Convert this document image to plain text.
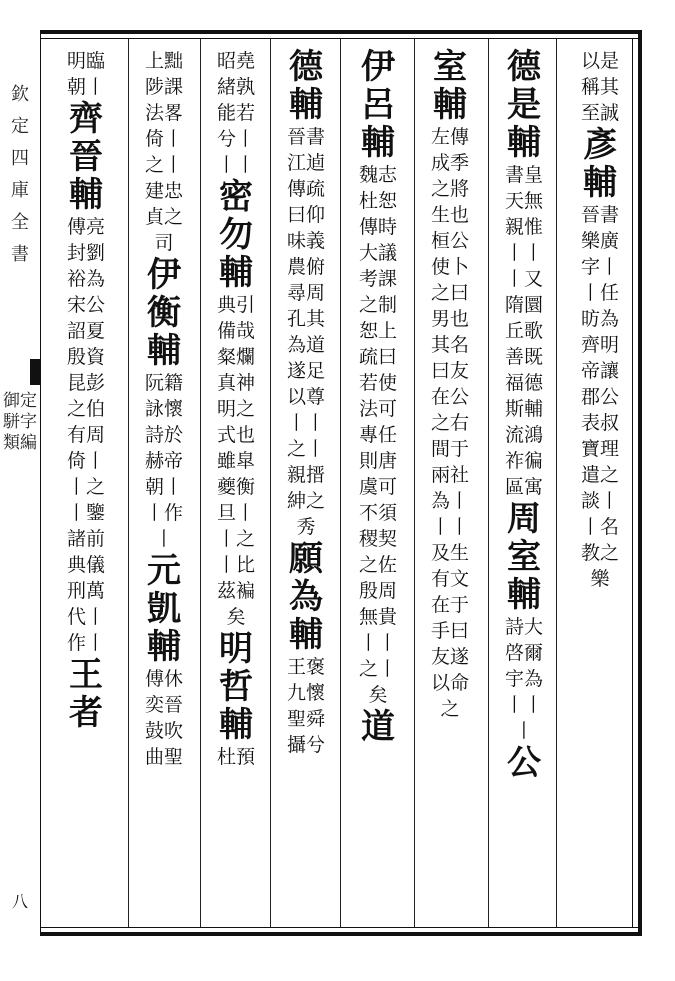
欽定四庫全書
御定駢字類編
八
以是稱其至誠
彥輔
晉書樂廣字丨丨任昉為齊明帝讓郡公表叔寶理遣之談丨丨名教之樂
德是輔
書皇天無親惟丨丨丨又隋圜丘歌善既福德斯輔流鴻祚徧區寓
周室輔
詩大啓爾宇為丨丨丨
公
室輔
左傳成季之將生也桓公使卜之曰男也其名曰友在公之右間于兩社為丨丨丨及生有文在于手曰友遂以命之
伊呂輔
魏志杜恕傳時大議考課之制恕上疏曰若使法可專任則唐虞可不須稷契之佐殷周無貴丨丨之丨矣
道
德輔
晉書江逌傳疏曰仰味義農俯尋周孔其為道遂足以尊丨丨之丨親搢紳之秀
願為輔
王褒九懷聖舜攝兮
昭堯緒孰能若兮丨丨丨
密勿輔
典引備哉粲爛真神明之式也雖皐夔衡旦丨丨之丨比茲褊矣
明哲輔
杜預
上黜陟課法畧倚丨之丨建忠貞之司
伊衡輔
阮籍詠懷詩於赫帝朝丨丨作丨
元凱輔
傅休奕晉鼓吹曲聖
明臨朝丨
齊晉輔
傅亮封劉裕為宋公詔夏殷資昆彭之伯有周倚丨丨之丨鑒諸前典儀刑萬代丨作丨
王者
